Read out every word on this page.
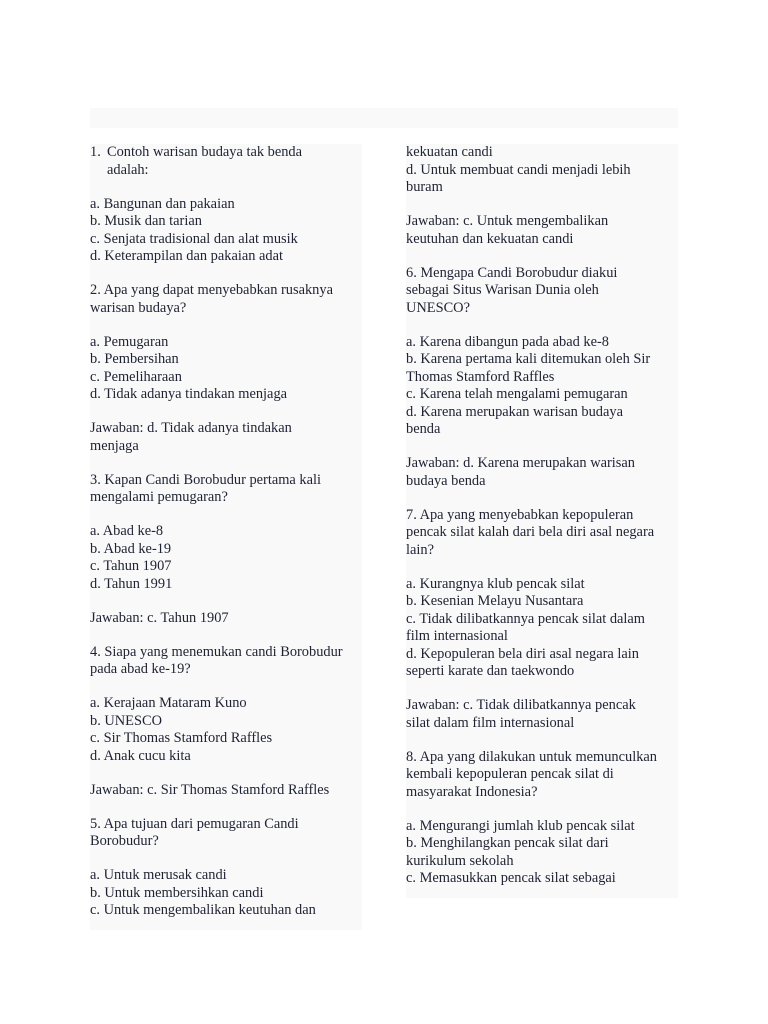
1. Contoh warisan budaya tak benda
adalah:
a. Bangunan dan pakaian
b. Musik dan tarian
c. Senjata tradisional dan alat musik
d. Keterampilan dan pakaian adat
2. Apa yang dapat menyebabkan rusaknya
warisan budaya?
a. Pemugaran
b. Pembersihan
c. Pemeliharaan
d. Tidak adanya tindakan menjaga
Jawaban: d. Tidak adanya tindakan
menjaga
3. Kapan Candi Borobudur pertama kali
mengalami pemugaran?
a. Abad ke-8
b. Abad ke-19
c. Tahun 1907
d. Tahun 1991
Jawaban: c. Tahun 1907
4. Siapa yang menemukan candi Borobudur
pada abad ke-19?
a. Kerajaan Mataram Kuno
b. UNESCO
c. Sir Thomas Stamford Raffles
d. Anak cucu kita
Jawaban: c. Sir Thomas Stamford Raffles
5. Apa tujuan dari pemugaran Candi
Borobudur?
a. Untuk merusak candi
b. Untuk membersihkan candi
c. Untuk mengembalikan keutuhan dan
kekuatan candi
d. Untuk membuat candi menjadi lebih
buram
Jawaban: c. Untuk mengembalikan
keutuhan dan kekuatan candi
6. Mengapa Candi Borobudur diakui
sebagai Situs Warisan Dunia oleh
UNESCO?
a. Karena dibangun pada abad ke-8
b. Karena pertama kali ditemukan oleh Sir
Thomas Stamford Raffles
c. Karena telah mengalami pemugaran
d. Karena merupakan warisan budaya
benda
Jawaban: d. Karena merupakan warisan
budaya benda
7. Apa yang menyebabkan kepopuleran
pencak silat kalah dari bela diri asal negara
lain?
a. Kurangnya klub pencak silat
b. Kesenian Melayu Nusantara
c. Tidak dilibatkannya pencak silat dalam
film internasional
d. Kepopuleran bela diri asal negara lain
seperti karate dan taekwondo
Jawaban: c. Tidak dilibatkannya pencak
silat dalam film internasional
8. Apa yang dilakukan untuk memunculkan
kembali kepopuleran pencak silat di
masyarakat Indonesia?
a. Mengurangi jumlah klub pencak silat
b. Menghilangkan pencak silat dari
kurikulum sekolah
c. Memasukkan pencak silat sebagai
